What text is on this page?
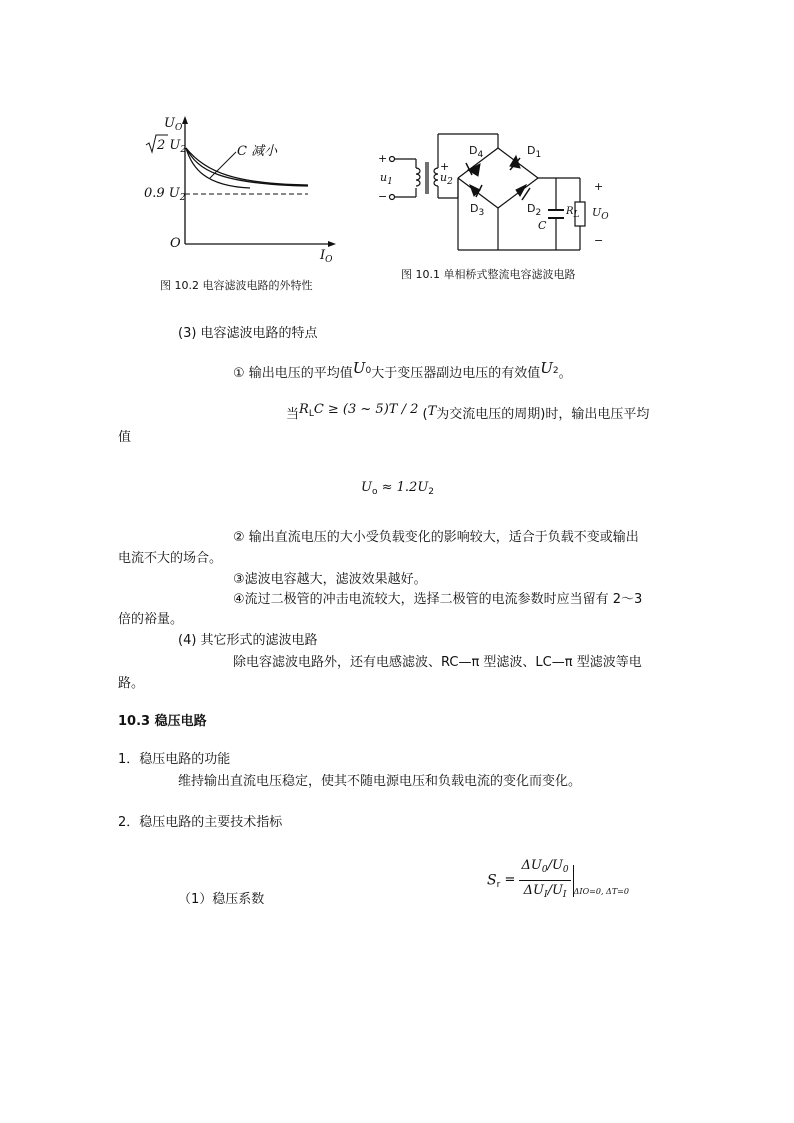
$U_O$
2 $U_2$	C 减小
0.9 $U_2$
O
$I_O$
图 10.2 电容滤波电路的外特性
+
−
$u_1$
+
$u_2$
$D_4$	$D_1$
$D_3$	$D_2$
C
RL
+
$U_O$
−
图 10.1 单相桥式整流电容滤波电路
(3) 电容滤波电路的特点
① 输出电压的平均值$U^0$大于变压器副边电压的有效值$U^2$。
当$R^LC \ge (3$ ~ 5)T / 2 (T为交流电压的周期)时，输出电压平均
值
$U_o \approx 1.2U_2$
② 输出直流电压的大小受负载变化的影响较大，适合于负载不变或输出
电流不大的场合。
③滤波电容越大，滤波效果越好。
④流过二极管的冲击电流较大，选择二极管的电流参数时应当留有 2～3
倍的裕量。
(4) 其它形式的滤波电路
除电容滤波电路外，还有电感滤波、RC—π 型滤波、LC—π 型滤波等电
路。
10.3 稳压电路
1．稳压电路的功能
维持输出直流电压稳定，使其不随电源电压和负载电流的变化而变化。
2．稳压电路的主要技术指标
$S_r = \frac{\Delta U_0/U_0}{\Delta U_I/U_I} _{\Delta IO=0, \Delta T=0}$
（1）稳压系数
